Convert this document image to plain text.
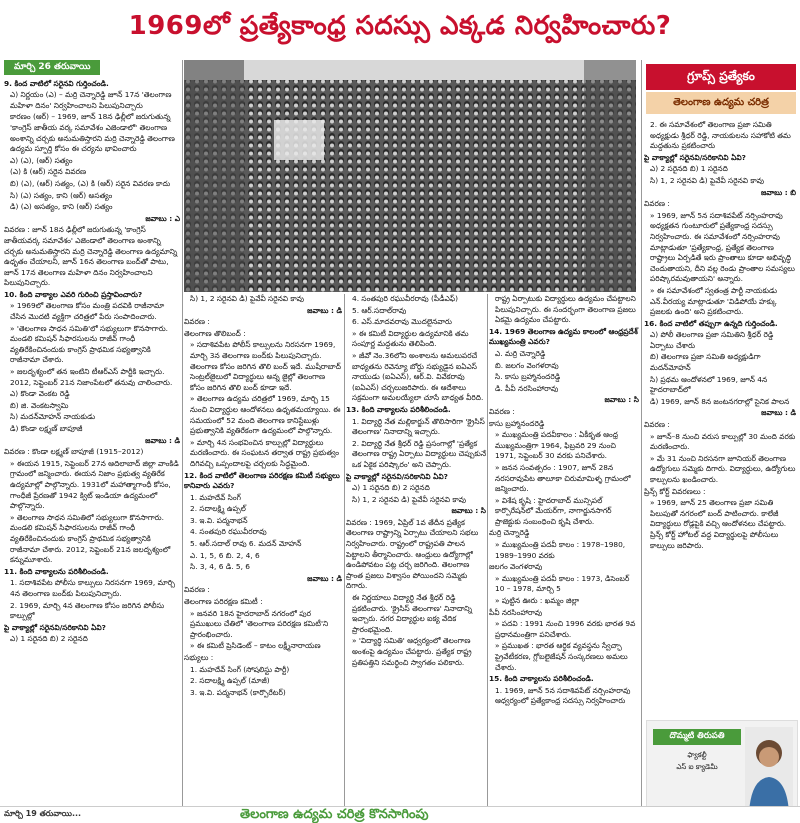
1969లో ప్రత్యేకాంధ్ర సదస్సు ఎక్కడ నిర్వహించారు?
మార్చి 26 తరువాయి

9. కింద వాటిలో సరైనవి గుర్తించండి.

ఎ) నిర్ణయం (ఎ) – మర్రి చెన్నారెడ్డి జూన్ 17న 'తెలంగాణ మహిళా దినం' నిర్వహించాలని పిలుపునిచ్చారు

కారణం (ఆర్) – 1969, జూన్ 18న ఢిల్లీలో జరుగుతున్న 'కాంగ్రెస్ జాతీయ వర్క సమావేశం ఎజెండాలో' తెలంగాణ అంశాన్ని చర్చకు అనుమతిస్తారని మర్రి చెన్నారెడ్డి తెలంగాణ ఉద్యమ స్ఫూర్తి కోసం ఈ చర్యను భావించారు

ఎ) (ఎ), (ఆర్) సత్యం

(ఎ) కి (ఆర్) సరైన వివరణ

బి) (ఎ), (ఆర్) సత్యం, (ఎ) కి (ఆర్) సరైన వివరణ కాదు

సి) (ఎ) సత్యం, కాని (ఆర్) అసత్యం

డి) (ఎ) అసత్యం, కాని (ఆర్) సత్యం

జవాబు : ఎ

వివరణ : జూన్ 18న ఢిల్లీలో జరుగుతున్న 'కాంగ్రెస్ జాతీయవర్క సమావేశం' ఎజెండాలో తెలంగాణ అంశాన్ని చర్చకు అనుమతిస్తారని మర్రి చెన్నారెడ్డి తెలంగాణ ఉద్యమాన్ని ఉధృతం చేయాలనీ, జూన్ 16న తెలంగాణ బంద్‌తో పాటు, జూన్ 17న తెలంగాణ మహిళా దినం నిర్వహించాలని పిలుపునిచ్చారు.

10. కింది వాక్యాల ఎవరి గురించి ప్రస్తావించారు?

» 1969లో తెలంగాణ కోసం మంత్రి పదవికి రాజీనామా చేసిన మొదటి వ్యక్తిగా చరిత్రలో పేరు సంపాదించారు.

» 'తెలంగాణ సాధన సమితి'లో సభ్యులుగా కొనసాగారు. మండలి కమిషన్ సిఫారసులను రాజీవ్ గాంధీ వ్యతిరేకించినందుకు కాంగ్రెస్ ప్రాథమిక సభ్యత్వానికి రాజీనామా చేశారు.

» జలదృశ్యంలో తన ఇంటిని టీఆర్ఎస్ పార్టీకి ఇచ్చారు. 2012, సెప్టెంబర్ 21న నిజాంపేటలో తనువు చాలించారు.

ఎ) కొండా వెంకట రెడ్డి

బి) జి. వెంకటస్వామి

సి) మదన్‌మోహన్ నాయకుడు

డి) కొండా లక్ష్మణ్ బాపూజీ

జవాబు : డి

వివరణ : కొండా లక్ష్మణ్ బాపూజీ (1915–2012)

» ఈయన 1915, సెప్టెంబర్ 27న ఆదిలాబాద్ జిల్లా వాంకిడి గ్రామంలో జన్మించారు. ఈయన నిజాం ప్రభుత్వ వ్యతిరేక ఉద్యమాల్లో పాల్గొన్నారు. 1931లో మహాత్మాగాంధీ కోసం, గాంధీజీ ప్రేరణతో 1942 క్విట్ ఇండియా ఉద్యమంలో పాల్గొన్నారు.

» తెలంగాణ సాధన సమితిలో సభ్యులుగా కొనసాగారు. మండలి కమిషన్ సిఫారసులను రాజీవ్ గాంధీ వ్యతిరేకించినందుకు కాంగ్రెస్ ప్రాథమిక సభ్యత్వానికి రాజీనామా చేశారు. 2012, సెప్టెంబర్ 21న జలదృశ్యంలో కన్నుమూశారు.

11. కింది వాక్యాలను పరిశీలించండి.

1. సదాశివపేట పోలీసు కాల్పులు నిరసనగా 1969, మార్చి 4న తెలంగాణ బంద్‌కు పిలుపునిచ్చారు.

2. 1969, మార్చి 4న తెలంగాణ కోసం జరిగిన పోలీసు కాల్పుల్లో

పై వాక్యాల్లో సరైనవి/సరికానివి ఏవి?

ఎ) 1 సరైనది బి) 2 సరైనది

సి) 1, 2 సరైనవి డి) పైవేవీ సరైనవి కావు

జవాబు : డి

వివరణ :

తెలంగాణ తొలిబంద్ :

» సదాశివపేట పోలీస్ కాల్పులను నిరసనగా 1969, మార్చి 3న తెలంగాణ బంద్‌కు పిలుపునిచ్చారు. తెలంగాణ కోసం జరిగిన తొలి బంద్ ఇదే. ముషీరాబాద్ సెంట్రల్‌జైలులో విద్యార్థులు అన్న జైల్లో తెలంగాణ కోసం జరిగిన తొలి బంద్ కూడా ఇదే.

» తెలంగాణ ఉద్యమ చరిత్రలో 1969, మార్చి 15 నుంచి విద్యార్థుల ఆందోళనలు ఉధృతమయ్యాయి. ఈ సమయంలో 52 మంది తెలంగాణ కానిస్టేబుళ్లు ప్రభుత్వానికి వ్యతిరేకంగా ఉద్యమంలో పాల్గొన్నారు.

» మార్చి 4న సంభవించిన కాల్పుల్లో విద్యార్థులు మరణించారు. ఈ సంఘటన తర్వాత రాష్ట్ర ప్రభుత్వం దిగివచ్చి ఒప్పందాలపై చర్చలకు సిద్ధమైంది.

12. కింద వాటిలో తెలంగాణ పరిరక్షణ కమిటీ సభ్యులు కానివారు ఎవరు?

1. మహదేవ్ సింగ్

2. సదాలక్ష్మి ఉప్పల్

3. ఇ.వి. పద్మనాభన్

4. సంతపురి రఘువీరరావు

5. ఆర్.సదాల్ రావు 6. మదన్ మోహన్

ఎ. 1, 5, 6 బి. 2, 4, 6

సి. 3, 4, 6 డి. 5, 6

జవాబు : డి

వివరణ :

తెలంగాణ పరిరక్షణ కమిటీ :

» జనవరి 18న హైదరాబాద్ నగరంలో పుర ప్రముఖులు చేతిలో 'తెలంగాణ పరిరక్షణ కమిటీ'ని ప్రారంభించారు.

» ఈ కమిటీ ప్రెసిడెంట్ – కాటం లక్ష్మీనారాయణ

సభ్యులు :

1. మహదేవ్ సింగ్ (సోషలిస్టు పార్టీ)

2. సదాలక్ష్మి ఉప్పల్ (మాజీ)

3. ఇ.వి. పద్మనాభన్ (కార్పొరేటర్)

4. సంతపురి రఘువీరరావు (పీడీఎఫ్)

5. ఆర్.సదాల్‌రావు

6. ఎస్.మాదవరావు మొదలైనవారు

» ఈ కమిటీ విద్యార్థుల ఉద్యమానికి తమ సంపూర్ణ మద్దతును తెలిపింది.

» జీవో నెం.36లోని అంశాలను అమలుపరచే బాధ్యతను రెవెన్యూ బోర్డు సభ్యుడైన ఐఏఎస్ నాయుడు (ఐఏఎస్), ఆర్.వి. వివేకరావు (ఐఏఎస్) చర్చలుజరిపారు. ఈ ఆదేశాలు సక్రమంగా అమలయ్యేలా చూసే బాధ్యత వీరిది.

13. కింది వాక్యాలను పరిశీలించండి.

1. విద్యార్థి నేత మల్లికార్జున్ తొలిసారిగా 'క్రైసిస్ తెలంగాణ' నినాదాన్ని ఇచ్చారు.

2. విద్యార్థి నేత శ్రీధర్ రెడ్డి ప్రసంగాల్లో 'ప్రత్యేక తెలంగాణ రాష్ట్ర ఏర్పాటు విద్యార్థులు చెప్పుకునే ఒక ఏకైక పరిష్కారం' అని చెప్పారు.

పై వాక్యాల్లో సరైనవి/సరికానివి ఏవి?

ఎ) 1 సరైనది బి) 2 సరైనది

సి) 1, 2 సరైనవి డి) పైవేవీ సరైనవి కావు

జవాబు : సి

వివరణ : 1969, ఏప్రిల్ 1వ తేదీన ప్రత్యేక తెలంగాణ రాష్ట్రాన్ని ఏర్పాటు చేయాలని సభలు నిర్వహించారు. రాష్ట్రంలో రాష్ట్రపతి పాలన పెట్టాలని తీర్మానించారు. ఆంధ్రులు ఉద్యోగాల్లో ఉండిపోవటం పట్ల చర్చ జరిగింది. తెలంగాణ ప్రాంత ప్రజలు విశ్వాసం పోయిందని సమ్మెకు దిగారు.

ఈ నిర్ణయాలు విద్యార్థి నేత శ్రీధర్ రెడ్డి ప్రకటించారు. 'క్రైసిస్ తెలంగాణ' నినాదాన్ని ఇచ్చారు. నగర విద్యార్థుల ఐక్య వేదిక ప్రారంభమైంది.

» 'విద్యార్థి సమితి' ఆధ్వర్యంలో తెలంగాణ అంశంపై ఉద్యమం చేపట్టారు. ప్రత్యేక రాష్ట్ర ప్రతిపత్తిని సమర్థించి స్వాగతం పలికారు.

రాష్ట్ర ఏర్పాటుకు విద్యార్థులు ఉద్యమం చేపట్టాలని పిలుపునిచ్చారు. ఈ సందర్భంగా తెలంగాణ ప్రజలు ఏకమై ఉద్యమం చేపట్టారు.

14. 1969 తెలంగాణ ఉద్యమ కాలంలో ఆంధ్రప్రదేశ్ ముఖ్యమంత్రి ఎవరు?

ఎ. మర్రి చెన్నారెడ్డి

బి. జలగం వెంగళరావు

సి. కాసు బ్రహ్మానందరెడ్డి

డి. పీవీ నరసింహారావు

జవాబు : సి

వివరణ :

కాసు బ్రహ్మానందరెడ్డి

» ముఖ్యమంత్రి పదవీకాలం : ఏకీకృత ఆంధ్ర ముఖ్యమంత్రిగా 1964, ఫిబ్రవరి 29 నుంచి 1971, సెప్టెంబర్ 30 వరకు పనిచేశారు.

» జనన సంవత్సరం : 1907, జూన్ 28న నరసరావుపేట తాలూకా చిరుమామిళ్ళ గ్రామంలో జన్మించారు.

» విశేష కృషి : హైదరాబాద్ మున్సిపల్ కార్పొరేషన్‌లో మేయర్‌గా, నాగార్జునసాగర్ ప్రాజెక్టుకు సంబంధించి కృషి చేశారు.

మర్రి చెన్నారెడ్డి

» ముఖ్యమంత్రి పదవీ కాలం : 1978–1980, 1989–1990 వరకు

జలగం వెంగళరావు

» ముఖ్యమంత్రి పదవీ కాలం : 1973, డిసెంబర్ 10 – 1978, మార్చి 5

» పుట్టిన ఊరు : ఖమ్మం జిల్లా

పీవీ నరసింహారావు

» పదవి : 1991 నుంచి 1996 వరకు భారత 9వ ప్రధానమంత్రిగా పనిచేశారు.

» ప్రముఖత : భారత ఆర్థిక వ్యవస్థను స్వేచ్ఛా ప్రైవేటీకరణ, గ్లోబలైజేషన్ సంస్కరణలు అమలు చేశారు.

15. కింది వాక్యాలను పరిశీలించండి.

1. 1969, జూన్ 5న సదాశివపేట్ నర్సింహరావు ఆధ్వర్యంలో ప్రత్యేకాంధ్ర సదస్సు నిర్వహించారు

గ్రూప్స్ ప్రత్యేకం
తెలంగాణ ఉద్యమ చరిత్ర

2. ఈ సమావేశంలో తెలంగాణ ప్రజా సమితి అధ్యక్షుడు శ్రీధర్ రెడ్డి, నాయకులను సహాకోటి తమ మద్దతును ప్రకటించారు

పై వాక్యాల్లో సరైనవి/సరికానివి ఏవి?

ఎ) 2 సరైనది బి) 1 సరైనది

సి) 1, 2 సరైనవి డి) పైవేవీ సరైనవి కావు

జవాబు : బి

వివరణ :

» 1969, జూన్ 5న సదాశివపేట్ నర్సింహరావు అధ్యక్షతన గుంటూరులో ప్రత్యేకాంధ్ర సదస్సు నిర్వహించారు. ఈ సమావేశంలో నర్సింహరావు మాట్లాడుతూ 'ప్రత్యేకాంధ్ర, ప్రత్యేక తెలంగాణ రాష్ట్రాలు ఏర్పడితే ఇరు ప్రాంతాలు కూడా అభివృద్ధి చెందుతాయని, దీని వల్ల రెండు ప్రాంతాల సమస్యలు పరిష్కారమవుతాయని' అన్నారు.

» ఈ సమావేశంలో స్వతంత్ర పార్టీ నాయకుడు ఎన్.వీరయ్య మాట్లాడుతూ 'విడిపోయే హక్కు ప్రజలకు ఉంది' అని ప్రకటించారు.

16. కింద వాటిలో తప్పుగా ఉన్నది గుర్తించండి.

ఎ) పోలీ తెలంగాణ ప్రజా సమితిని శ్రీధర్ రెడ్డి ఏర్పాటు చేశారు

బి) తెలంగాణ ప్రజా సమితి అధ్యక్షుడిగా మదన్‌మోహన్

సి) ప్రథమ ఆందోళనలో 1969, జూన్ 4న హైదరాబాద్‌లో

డి) 1969, జూన్ 8న జంటనగరాల్లో సైనిక పాలన

జవాబు : డి

వివరణ :

» జూన్–8 నుంచి వరుస కాల్పుల్లో 30 మంది వరకు మరణించారు.

» మే 31 నుంచి నిరసనగా జూనియర్ తెలంగాణ ఉద్యోగులు సమ్మెకు దిగారు. విద్యార్థులు, ఉద్యోగులు కాల్పులను ఖండించారు.

ప్రిన్స్ కోర్ట్ వివరణలు :

» 1969, జూన్ 25 తెలంగాణ ప్రజా సమితి పిలుపుతో నగరంలో బంద్ పాటించారు. కాలేజీ విద్యార్థులు రోడ్లపైకి వచ్చి ఆందోళనలు చేపట్టారు. ప్రిన్స్ కోర్ట్ హోటల్ వద్ద విద్యార్థులపై పోలీసులు కాల్పులు జరిపారు.

దొమ్మటి తిరుపతి
ఫ్యాకల్టీ
ఎస్ ఐ క్యాడెమీ
మార్చి 19 తరువాయి...	తెలంగాణ ఉద్యమ చరిత్ర కొనసాగింపు
